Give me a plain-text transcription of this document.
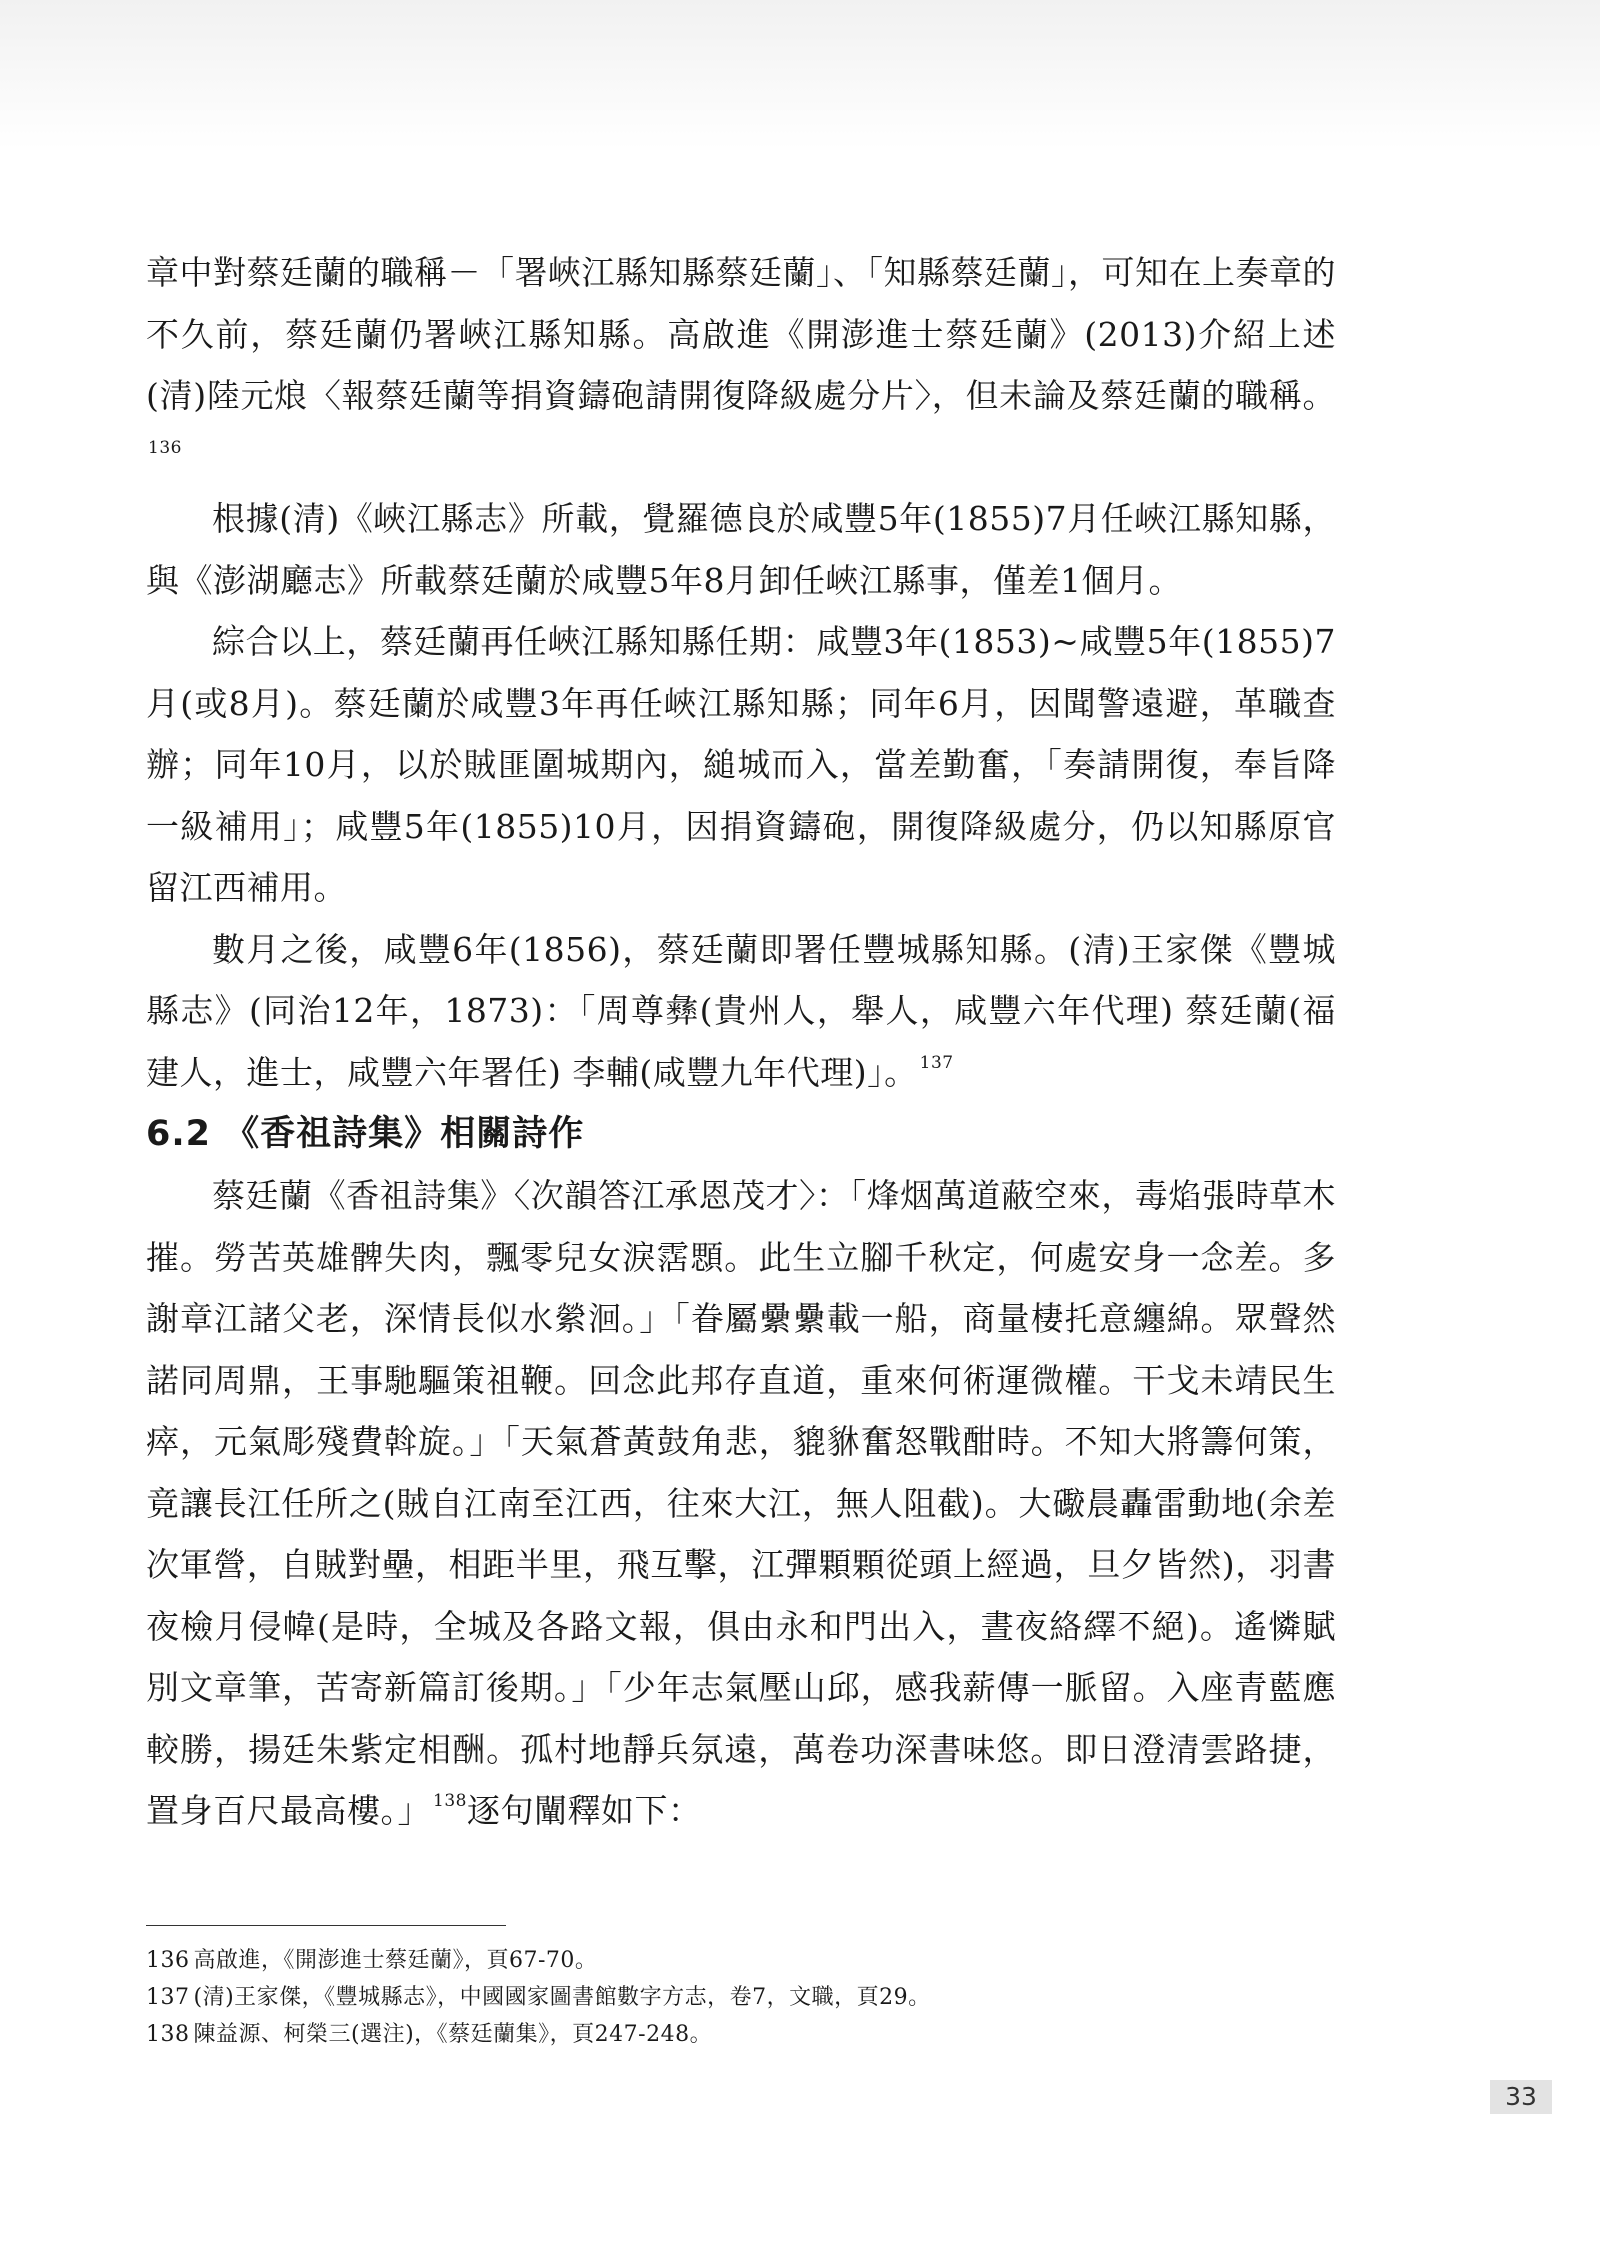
章中對蔡廷蘭的職稱－「署峽江縣知縣蔡廷蘭」、「知縣蔡廷蘭」，可知在上奏章的不久前，蔡廷蘭仍署峽江縣知縣。高啟進《開澎進士蔡廷蘭》(2013)介紹上述(清)陸元烺〈報蔡廷蘭等捐資鑄砲請開復降級處分片〉，但未論及蔡廷蘭的職稱。$^{136}$

根據(清)《峽江縣志》所載，覺羅德良於咸豐5年(1855)7月任峽江縣知縣，與《澎湖廳志》所載蔡廷蘭於咸豐5年8月卸任峽江縣事，僅差1個月。

綜合以上，蔡廷蘭再任峽江縣知縣任期：咸豐3年(1853)~咸豐5年(1855)7月(或8月)。蔡廷蘭於咸豐3年再任峽江縣知縣；同年6月，因聞警遠避，革職查辦；同年10月，以於賊匪圍城期內，縋城而入，當差勤奮，「奏請開復，奉旨降一級補用」；咸豐5年(1855)10月，因捐資鑄砲，開復降級處分，仍以知縣原官留江西補用。

數月之後，咸豐6年(1856)，蔡廷蘭即署任豐城縣知縣。(清)王家傑《豐城縣志》(同治12年，1873)：「周尊彝(貴州人，舉人，咸豐六年代理) 蔡廷蘭(福建人，進士，咸豐六年署任) 李輔(咸豐九年代理)」。 $^{137}$

6.2 《香祖詩集》相關詩作

蔡廷蘭《香祖詩集》〈次韻答江承恩茂才〉：「烽烟萬道蔽空來，毒焰張時草木摧。勞苦英雄髀失肉，飄零兒女淚霑顋。此生立腳千秋定，何處安身一念差。多謝章江諸父老，深情長似水縈洄。」「眷屬纍纍載一船，商量棲托意纏綿。眾聲然諾同周鼎，王事馳驅策祖鞭。回念此邦存直道，重來何術運微權。干戈未靖民生瘁，元氣彫殘費斡旋。」「天氣蒼黃鼓角悲，貔貅奮怒戰酣時。不知大將籌何策，竟讓長江任所之(賊自江南至江西，往來大江，無人阻截)。大礮晨轟雷動地(余差次軍營，自賊對壘，相距半里，飛互擊，江彈顆顆從頭上經過，旦夕皆然)，羽書夜檢月侵幃(是時，全城及各路文報，俱由永和門出入，晝夜絡繹不絕)。遙憐賦別文章筆，苦寄新篇訂後期。」「少年志氣壓山邱，感我薪傳一脈留。入座青藍應較勝，揚廷朱紫定相酬。孤村地靜兵氛遠，萬卷功深書味悠。即日澄清雲路捷，置身百尺最高樓。」 $^{138}$逐句闡釋如下：

136 高啟進，《開澎進士蔡廷蘭》，頁67-70。
137 (清)王家傑，《豐城縣志》，中國國家圖書館數字方志，卷7，文職，頁29。
138 陳益源、柯榮三(選注)，《蔡廷蘭集》，頁247-248。
33
